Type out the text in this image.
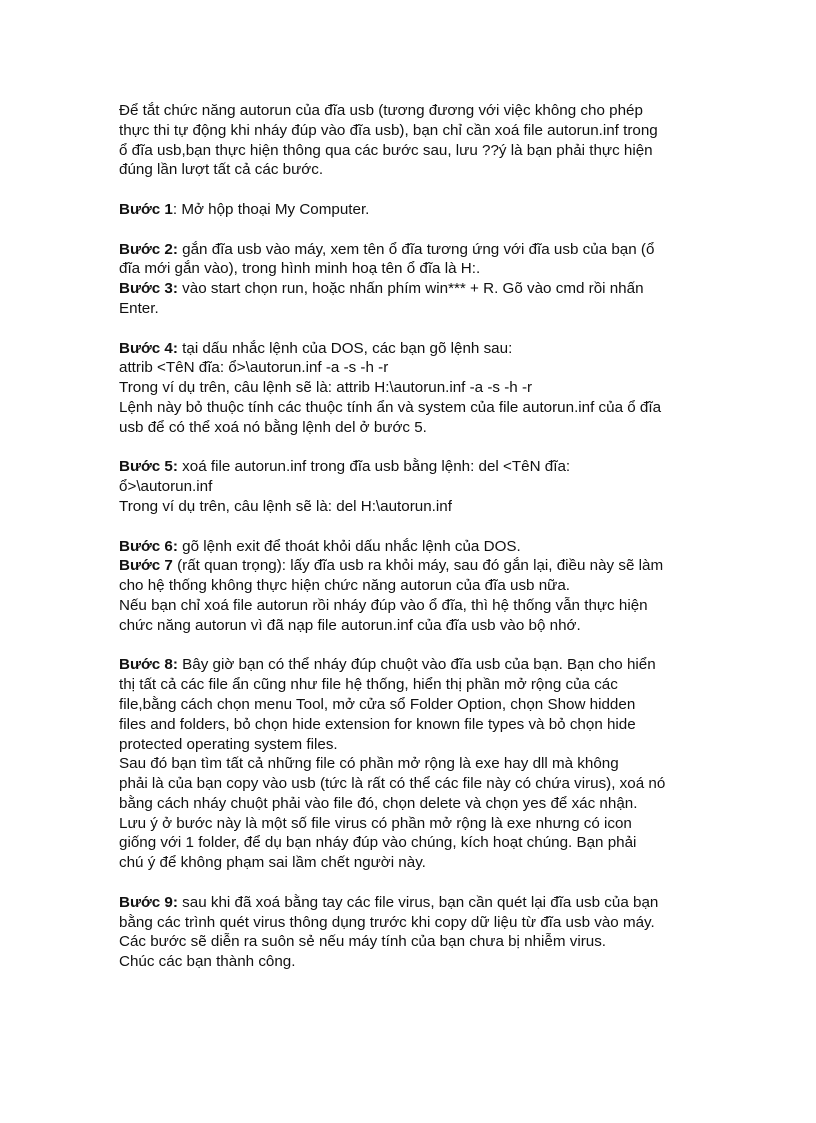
Để tắt chức năng autorun của đĩa usb (tương đương với việc không cho phép
thực thi tự động khi nháy đúp vào đĩa usb), bạn chỉ cần xoá file autorun.inf trong
ổ đĩa usb,bạn thực hiện thông qua các bước sau, lưu ??ý là bạn phải thực hiện
đúng lần lượt tất cả các bước.

Bước 1: Mở hộp thoại My Computer.

Bước 2: gắn đĩa usb vào máy, xem tên ổ đĩa tương ứng với đĩa usb của bạn (ổ
đĩa mới gắn vào), trong hình minh hoạ tên ổ đĩa là H:.

Bước 3: vào start chọn run, hoặc nhấn phím win*** + R. Gõ vào cmd rồi nhấn
Enter.

Bước 4: tại dấu nhắc lệnh của DOS, các bạn gõ lệnh sau:
attrib <TêN đĩa: ổ>\autorun.inf -a -s -h -r
Trong ví dụ trên, câu lệnh sẽ là: attrib H:\autorun.inf -a -s -h -r
Lệnh này bỏ thuộc tính các thuộc tính ẩn và system của file autorun.inf của ổ đĩa
usb để có thể xoá nó bằng lệnh del ở bước 5.

Bước 5: xoá file autorun.inf trong đĩa usb bằng lệnh: del <TêN đĩa:
ổ>\autorun.inf
Trong ví dụ trên, câu lệnh sẽ là: del H:\autorun.inf

Bước 6: gõ lệnh exit để thoát khỏi dấu nhắc lệnh của DOS.

Bước 7 (rất quan trọng): lấy đĩa usb ra khỏi máy, sau đó gắn lại, điều này sẽ làm
cho hệ thống không thực hiện chức năng autorun của đĩa usb nữa.
Nếu bạn chỉ xoá file autorun rồi nháy đúp vào ổ đĩa, thì hệ thống vẫn thực hiện
chức năng autorun vì đã nạp file autorun.inf của đĩa usb vào bộ nhớ.

Bước 8: Bây giờ bạn có thể nháy đúp chuột vào đĩa usb của bạn. Bạn cho hiển
thị tất cả các file ẩn cũng như file hệ thống, hiển thị phần mở rộng của các
file,bằng cách chọn menu Tool, mở cửa sổ Folder Option, chọn Show hidden
files and folders, bỏ chọn hide extension for known file types và bỏ chọn hide
protected operating system files.
Sau đó bạn tìm tất cả những file có phần mở rộng là exe hay dll mà không
phải là của bạn copy vào usb (tức là rất có thể các file này có chứa virus), xoá nó
bằng cách nháy chuột phải vào file đó, chọn delete và chọn yes để xác nhận.
Lưu ý ở bước này là một số file virus có phần mở rộng là exe nhưng có icon
giống với 1 folder, để dụ bạn nháy đúp vào chúng, kích hoạt chúng. Bạn phải
chú ý để không phạm sai lầm chết người này.

Bước 9: sau khi đã xoá bằng tay các file virus, bạn cần quét lại đĩa usb của bạn
bằng các trình quét virus thông dụng trước khi copy dữ liệu từ đĩa usb vào máy.
Các bước sẽ diễn ra suôn sẻ nếu máy tính của bạn chưa bị nhiễm virus.
Chúc các bạn thành công.
